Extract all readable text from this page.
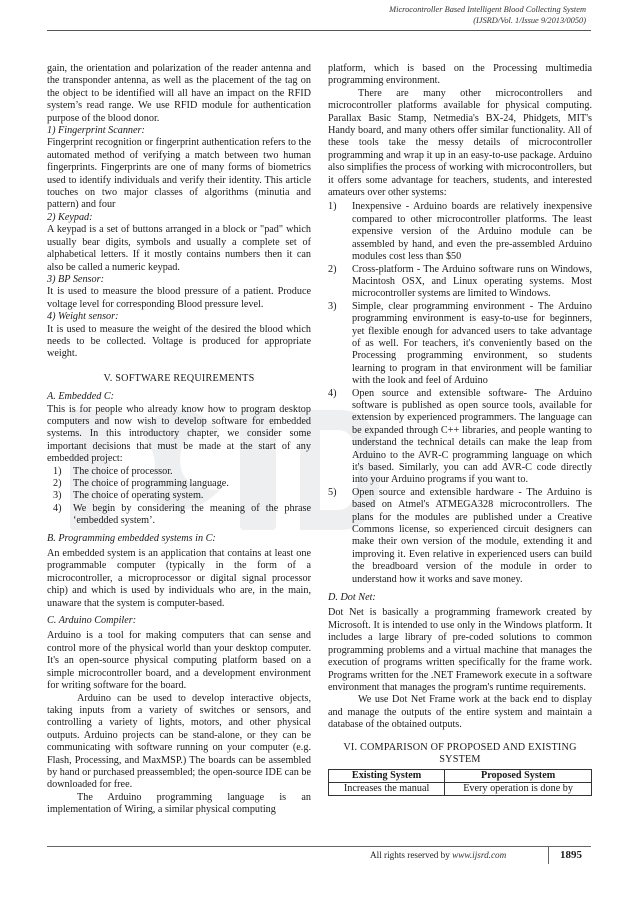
Microcontroller Based Intelligent Blood Collecting System
(IJSRD/Vol. 1/Issue 9/2013/0050)

gain, the orientation and polarization of the reader antenna and the transponder antenna, as well as the placement of the tag on the object to be identified will all have an impact on the RFID system’s read range. We use RFID module for authentication purpose of the blood donor.

1) Fingerprint Scanner:

Fingerprint recognition or fingerprint authentication refers to the automated method of verifying a match between two human fingerprints. Fingerprints are one of many forms of biometrics used to identify individuals and verify their identity. This article touches on two major classes of algorithms (minutia and pattern) and four

2) Keypad:

A keypad is a set of buttons arranged in a block or "pad" which usually bear digits, symbols and usually a complete set of alphabetical letters. If it mostly contains numbers then it can also be called a numeric keypad.

3) BP Sensor:

It is used to measure the blood pressure of a patient. Produce voltage level for corresponding Blood pressure level.

4) Weight sensor:

It is used to measure the weight of the desired the blood which needs to be collected. Voltage is produced for appropriate weight.

V. SOFTWARE REQUIREMENTS

A. Embedded C:

This is for people who already know how to program desktop computers and now wish to develop software for embedded systems. In this introductory chapter, we consider some important decisions that must be made at the start of any embedded project:

1) The choice of processor.
2) The choice of programming language.
3) The choice of operating system.
4) We begin by considering the meaning of the phrase ‘embedded system’.

B. Programming embedded systems in C:

An embedded system is an application that contains at least one programmable computer (typically in the form of a microcontroller, a microprocessor or digital signal processor chip) and which is used by individuals who are, in the main, unaware that the system is computer-based.

C. Arduino Compiler:

Arduino is a tool for making computers that can sense and control more of the physical world than your desktop computer. It's an open-source physical computing platform based on a simple microcontroller board, and a development environment for writing software for the board.

Arduino can be used to develop interactive objects, taking inputs from a variety of switches or sensors, and controlling a variety of lights, motors, and other physical outputs. Arduino projects can be stand-alone, or they can be communicating with software running on your computer (e.g. Flash, Processing, and MaxMSP.) The boards can be assembled by hand or purchased preassembled; the open-source IDE can be downloaded for free.

The Arduino programming language is an implementation of Wiring, a similar physical computing

platform, which is based on the Processing multimedia programming environment.

There are many other microcontrollers and microcontroller platforms available for physical computing. Parallax Basic Stamp, Netmedia's BX-24, Phidgets, MIT's Handy board, and many others offer similar functionality. All of these tools take the messy details of microcontroller programming and wrap it up in an easy-to-use package. Arduino also simplifies the process of working with microcontrollers, but it offers some advantage for teachers, students, and interested amateurs over other systems:

1) Inexpensive - Arduino boards are relatively inexpensive compared to other microcontroller platforms. The least expensive version of the Arduino module can be assembled by hand, and even the pre-assembled Arduino modules cost less than $50
2) Cross-platform - The Arduino software runs on Windows, Macintosh OSX, and Linux operating systems. Most microcontroller systems are limited to Windows.
3) Simple, clear programming environment - The Arduino programming environment is easy-to-use for beginners, yet flexible enough for advanced users to take advantage of as well. For teachers, it's conveniently based on the Processing programming environment, so students learning to program in that environment will be familiar with the look and feel of Arduino
4) Open source and extensible software- The Arduino software is published as open source tools, available for extension by experienced programmers. The language can be expanded through C++ libraries, and people wanting to understand the technical details can make the leap from Arduino to the AVR-C programming language on which it's based. Similarly, you can add AVR-C code directly into your Arduino programs if you want to.
5) Open source and extensible hardware - The Arduino is based on Atmel's ATMEGA328 microcontrollers. The plans for the modules are published under a Creative Commons license, so experienced circuit designers can make their own version of the module, extending it and improving it. Even relative in experienced users can build the breadboard version of the module in order to understand how it works and save money.

D. Dot Net:

Dot Net is basically a programming framework created by Microsoft. It is intended to use only in the Windows platform. It includes a large library of pre-coded solutions to common programming problems and a virtual machine that manages the execution of programs written specifically for the frame work. Programs written for the .NET Framework execute in a software environment that manages the program's runtime requirements.

We use Dot Net Frame work at the back end to display and manage the outputs of the entire system and maintain a database of the obtained outputs.

VI. COMPARISON OF PROPOSED AND EXISTING SYSTEM

Existing System	Proposed System
Increases the manual	Every operation is done by
All rights reserved by www.ijsrd.com	1895
